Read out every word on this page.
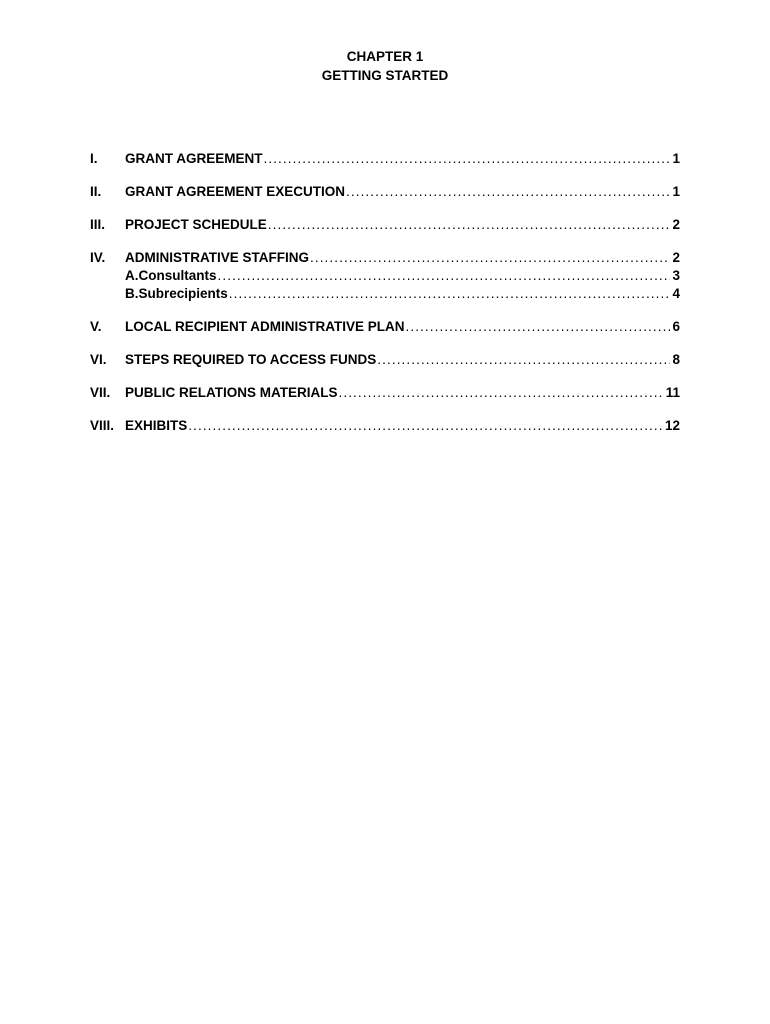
CHAPTER 1
GETTING STARTED
I.	GRANT AGREEMENT .....	1
II.	GRANT AGREEMENT EXECUTION .....	1
III.	PROJECT SCHEDULE .....	2
IV.	ADMINISTRATIVE STAFFING .....	2
A. Consultants .....	3
B. Subrecipients .....	4
V.	LOCAL RECIPIENT ADMINISTRATIVE PLAN .....	6
VI.	STEPS REQUIRED TO ACCESS FUNDS .....	8
VII.	PUBLIC RELATIONS MATERIALS .....	11
VIII. EXHIBITS .....	12
